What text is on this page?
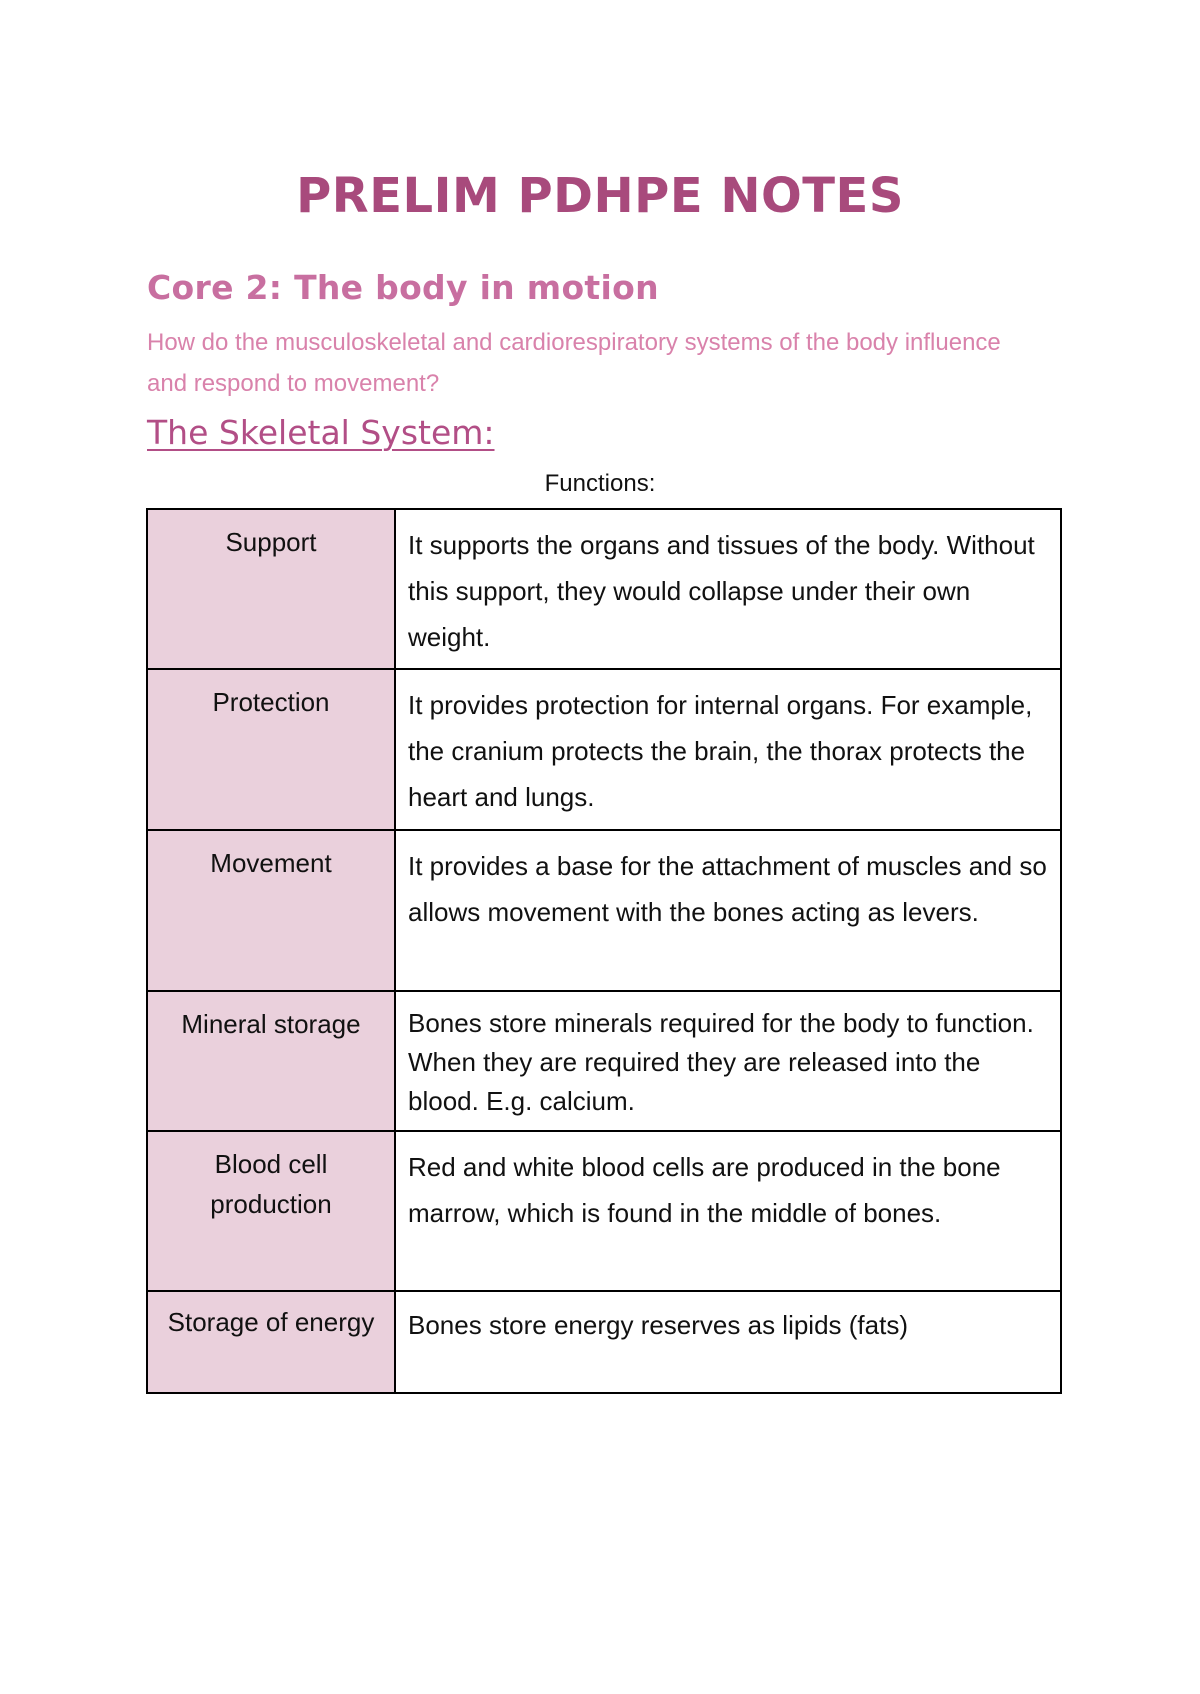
PRELIM PDHPE NOTES
Core 2: The body in motion
How do the musculoskeletal and cardiorespiratory systems of the body influence and respond to movement?
The Skeletal System:
Functions:
Support	It supports the organs and tissues of the body. Without this support, they would collapse under their own weight.
Protection	It provides protection for internal organs. For example, the cranium protects the brain, the thorax protects the heart and lungs.
Movement	It provides a base for the attachment of muscles and so allows movement with the bones acting as levers.
Mineral storage	Bones store minerals required for the body to function. When they are required they are released into the blood. E.g. calcium.
Blood cell production	Red and white blood cells are produced in the bone marrow, which is found in the middle of bones.
Storage of energy	Bones store energy reserves as lipids (fats)
